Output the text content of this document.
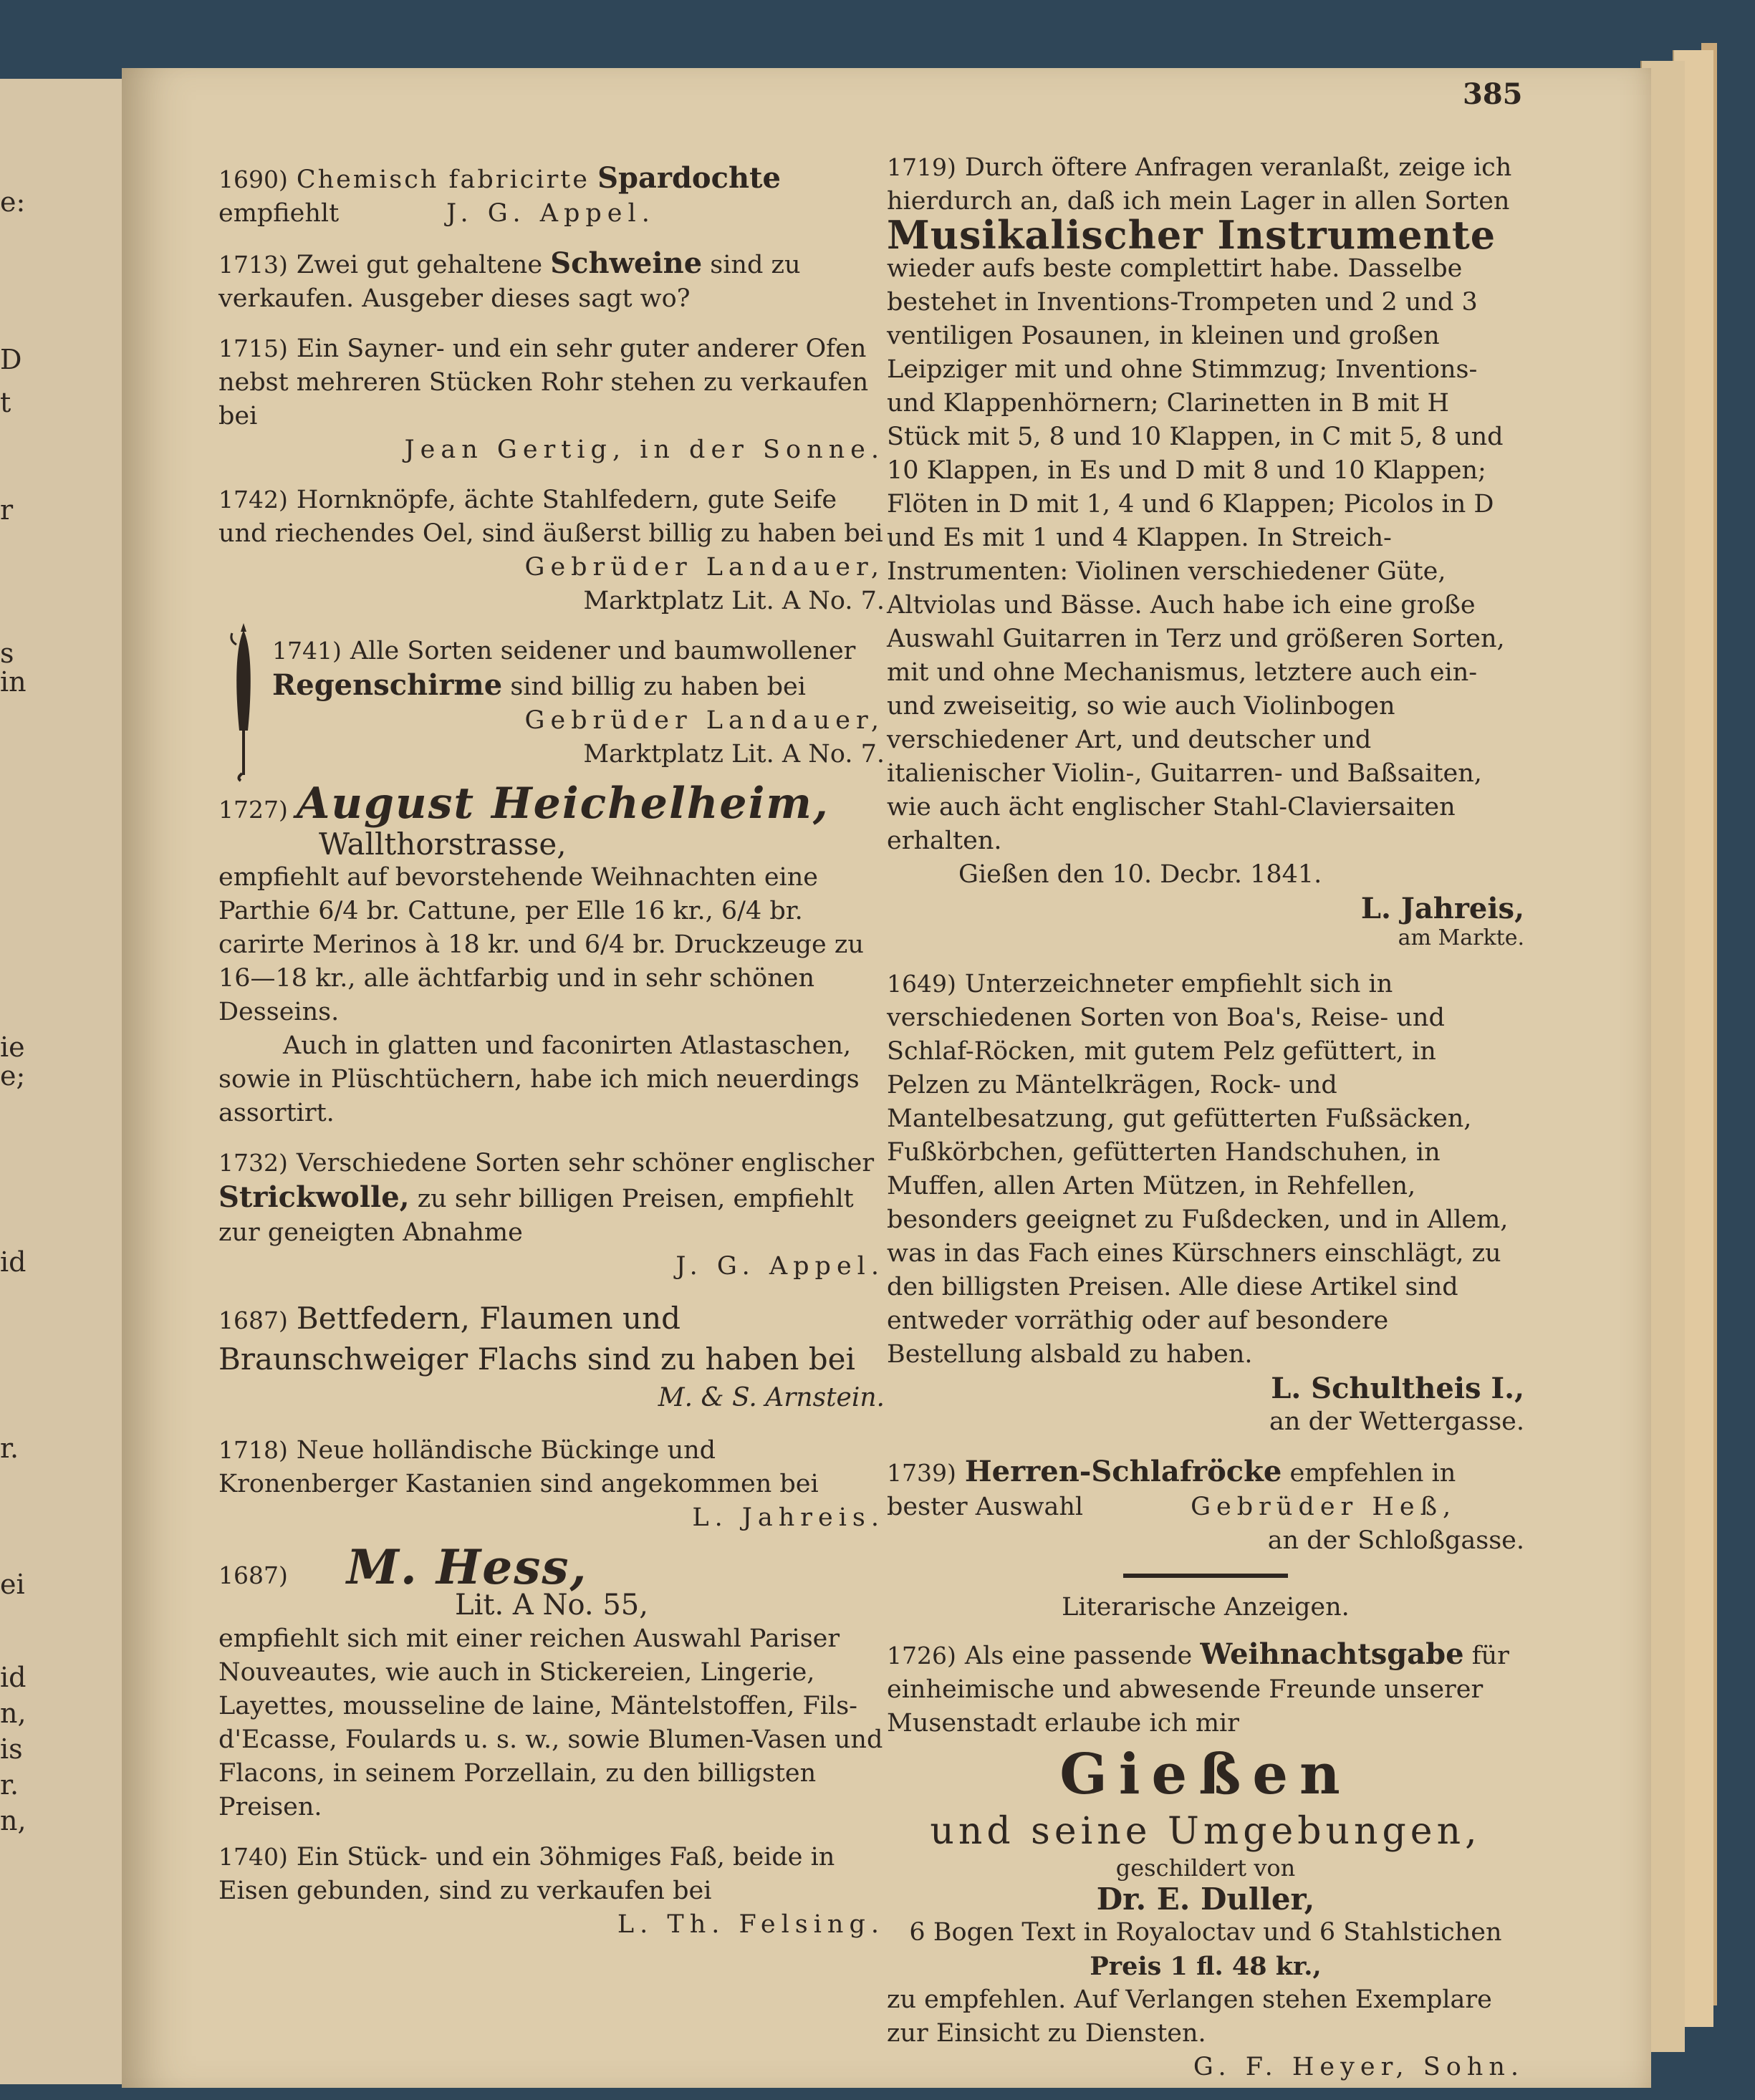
e:
D
t
r
s
in
ie
e;
id
r.
ei
id
n,
is
r.
n,
385

1690) Chemisch fabricirte Spardochte

empfiehlt	J. G. Appel.

1713) Zwei gut gehaltene Schweine sind zu verkaufen. Ausgeber dieses sagt wo?

1715) Ein Sayner- und ein sehr guter anderer Ofen nebst mehreren Stücken Rohr stehen zu verkaufen bei

Jean Gertig, in der Sonne.

1742) Hornknöpfe, ächte Stahlfedern, gute Seife und riechendes Oel, sind äußerst billig zu haben bei

Gebrüder Landauer,

Marktplatz Lit. A No. 7.

1741) Alle Sorten seidener und baumwollener Regenschirme sind billig zu haben bei

Gebrüder Landauer,

Marktplatz Lit. A No. 7.

1727) August Heichelheim,

Wallthorstrasse,

empfiehlt auf bevorstehende Weihnachten eine Parthie 6/4 br. Cattune, per Elle 16 kr., 6/4 br. carirte Merinos à 18 kr. und 6/4 br. Druckzeuge zu 16—18 kr., alle ächtfarbig und in sehr schönen Desseins.

Auch in glatten und faconirten Atlastaschen, sowie in Plüschtüchern, habe ich mich neuerdings assortirt.

1732) Verschiedene Sorten sehr schöner englischer Strickwolle, zu sehr billigen Preisen, empfiehlt zur geneigten Abnahme

J. G. Appel.

1687) Bettfedern, Flaumen und Braunschweiger Flachs sind zu haben bei

M. & S. Arnstein.

1718) Neue holländische Bückinge und Kronenberger Kastanien sind angekommen bei

L. Jahreis.

1687) M. Hess,

Lit. A No. 55,

empfiehlt sich mit einer reichen Auswahl Pariser Nouveautes, wie auch in Stickereien, Lingerie, Layettes, mousseline de laine, Mäntelstoffen, Fils-d'Ecasse, Foulards u. s. w., sowie Blumen-Vasen und Flacons, in seinem Porzellain, zu den billigsten Preisen.

1740) Ein Stück- und ein 3öhmiges Faß, beide in Eisen gebunden, sind zu verkaufen bei

L. Th. Felsing.

1719) Durch öftere Anfragen veranlaßt, zeige ich hierdurch an, daß ich mein Lager in allen Sorten

Musikalischer Instrumente

wieder aufs beste complettirt habe. Dasselbe bestehet in Inventions-Trompeten und 2 und 3 ventiligen Posaunen, in kleinen und großen Leipziger mit und ohne Stimmzug; Inventions- und Klappenhörnern; Clarinetten in B mit H Stück mit 5, 8 und 10 Klappen, in C mit 5, 8 und 10 Klappen, in Es und D mit 8 und 10 Klappen; Flöten in D mit 1, 4 und 6 Klappen; Picolos in D und Es mit 1 und 4 Klappen. In Streich-Instrumenten: Violinen verschiedener Güte, Altviolas und Bässe. Auch habe ich eine große Auswahl Guitarren in Terz und größeren Sorten, mit und ohne Mechanismus, letztere auch ein- und zweiseitig, so wie auch Violinbogen verschiedener Art, und deutscher und italienischer Violin-, Guitarren- und Baßsaiten, wie auch ächt englischer Stahl-Claviersaiten erhalten.

Gießen den 10. Decbr. 1841.

L. Jahreis,

am Markte.

1649) Unterzeichneter empfiehlt sich in verschiedenen Sorten von Boa's, Reise- und Schlaf-Röcken, mit gutem Pelz gefüttert, in Pelzen zu Mäntelkrägen, Rock- und Mantelbesatzung, gut gefütterten Fußsäcken, Fußkörbchen, gefütterten Handschuhen, in Muffen, allen Arten Mützen, in Rehfellen, besonders geeignet zu Fußdecken, und in Allem, was in das Fach eines Kürschners einschlägt, zu den billigsten Preisen. Alle diese Artikel sind entweder vorräthig oder auf besondere Bestellung alsbald zu haben.

L. Schultheis I.,

an der Wettergasse.

1739) Herren-Schlafröcke empfehlen in

bester Auswahl	Gebrüder Heß,

an der Schloßgasse.

Literarische Anzeigen.

1726) Als eine passende Weihnachtsgabe für einheimische und abwesende Freunde unserer Musenstadt erlaube ich mir

Gießen

und seine Umgebungen,

geschildert von

Dr. E. Duller,

6 Bogen Text in Royaloctav und 6 Stahlstichen

Preis 1 fl. 48 kr.,

zu empfehlen. Auf Verlangen stehen Exemplare zur Einsicht zu Diensten.

G. F. Heyer, Sohn.
